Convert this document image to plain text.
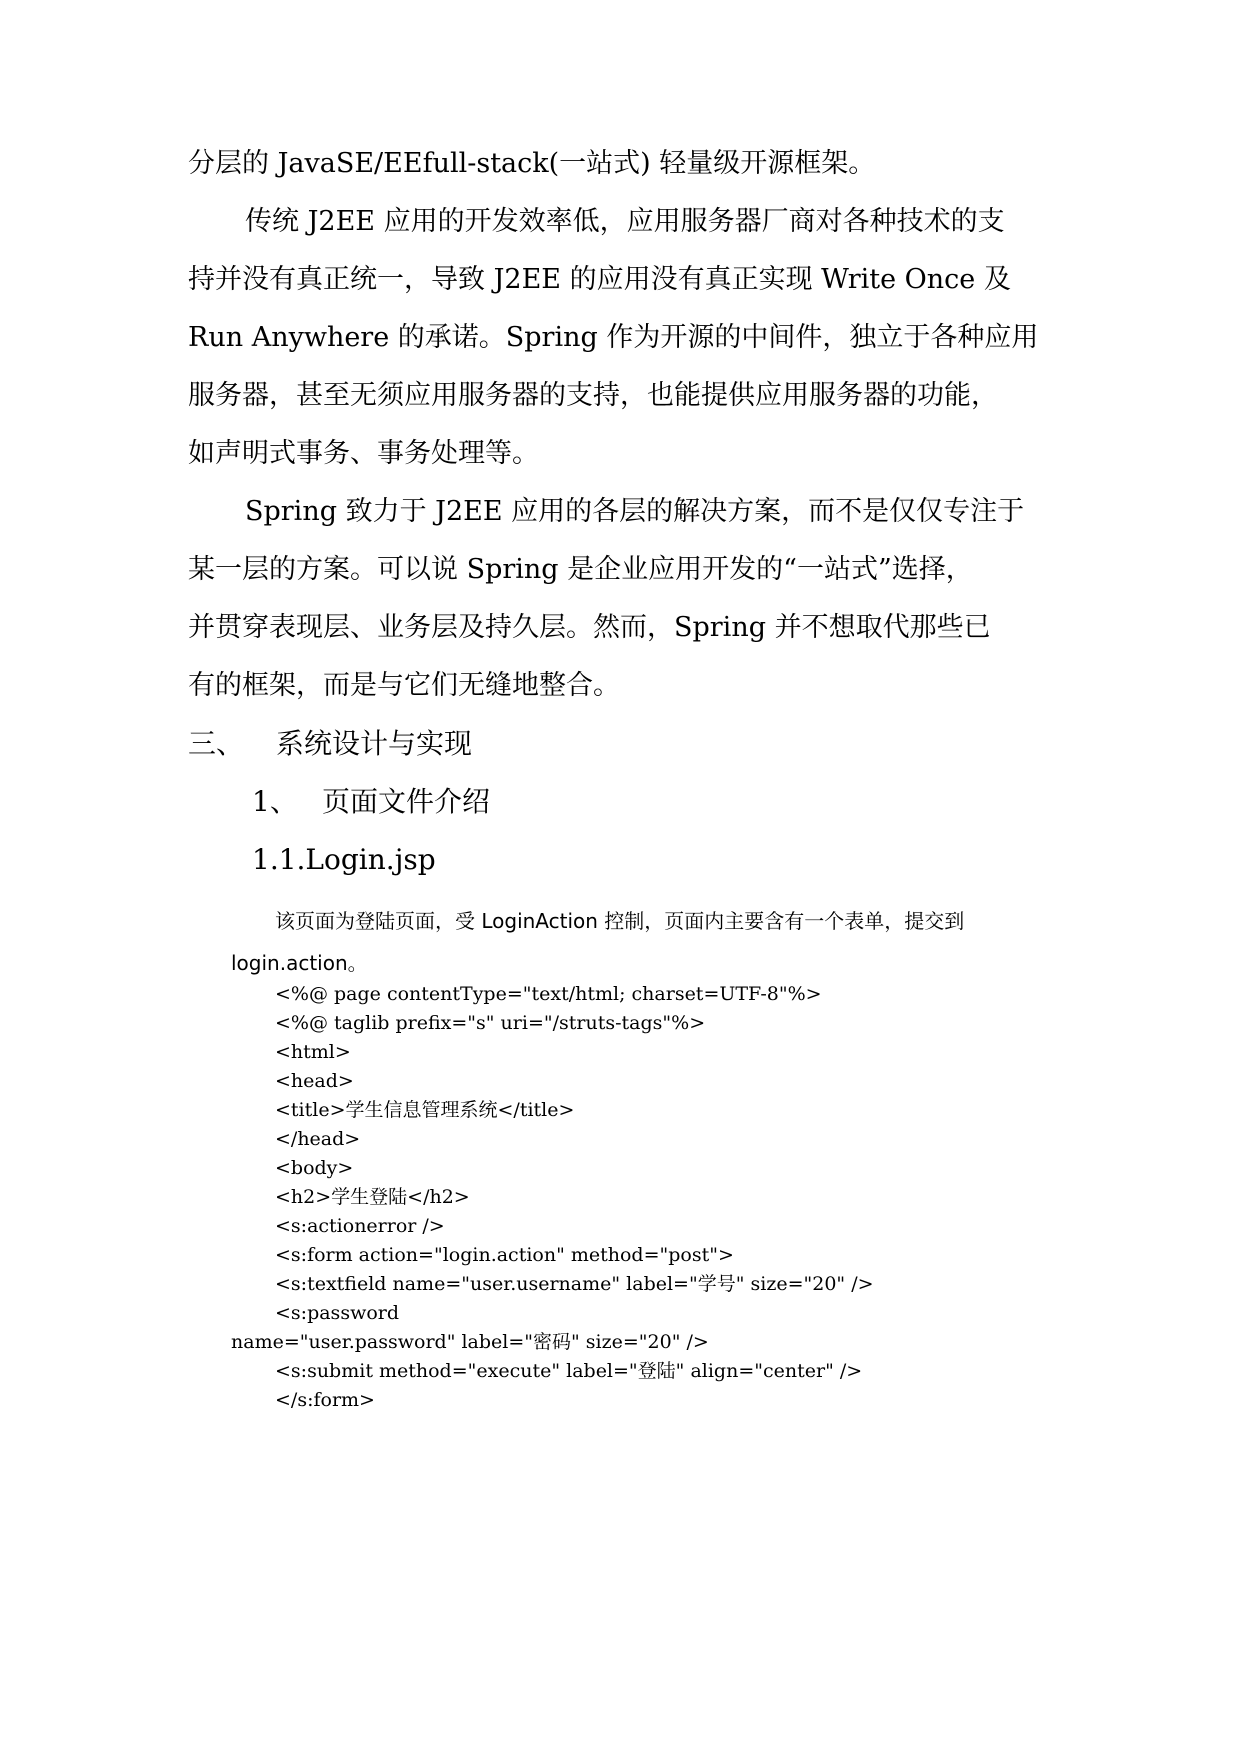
分层的 JavaSE/EEfull-stack(一站式) 轻量级开源框架。
传统 J2EE 应用的开发效率低，应用服务器厂商对各种技术的支
持并没有真正统一，导致 J2EE 的应用没有真正实现 Write Once 及
Run Anywhere 的承诺。Spring 作为开源的中间件，独立于各种应用
服务器，甚至无须应用服务器的支持，也能提供应用服务器的功能，
如声明式事务、事务处理等。
Spring 致力于 J2EE 应用的各层的解决方案，而不是仅仅专注于
某一层的方案。可以说 Spring 是企业应用开发的“一站式”选择，
并贯穿表现层、业务层及持久层。然而，Spring 并不想取代那些已
有的框架，而是与它们无缝地整合。
三、 系统设计与实现
1、 页面文件介绍
1.1.Login.jsp
该页面为登陆页面，受 LoginAction 控制，页面内主要含有一个表单，提交到
login.action。
<%@ page contentType="text/html; charset=UTF-8"%>
<%@ taglib prefix="s" uri="/struts-tags"%>
<html>
<head>
<title>学生信息管理系统</title>
</head>
<body>
<h2>学生登陆</h2>
<s:actionerror />
<s:form action="login.action" method="post">
<s:textfield name="user.username" label="学号" size="20" />
<s:password
name="user.password" label="密码" size="20" />
<s:submit method="execute" label="登陆" align="center" />
</s:form>
